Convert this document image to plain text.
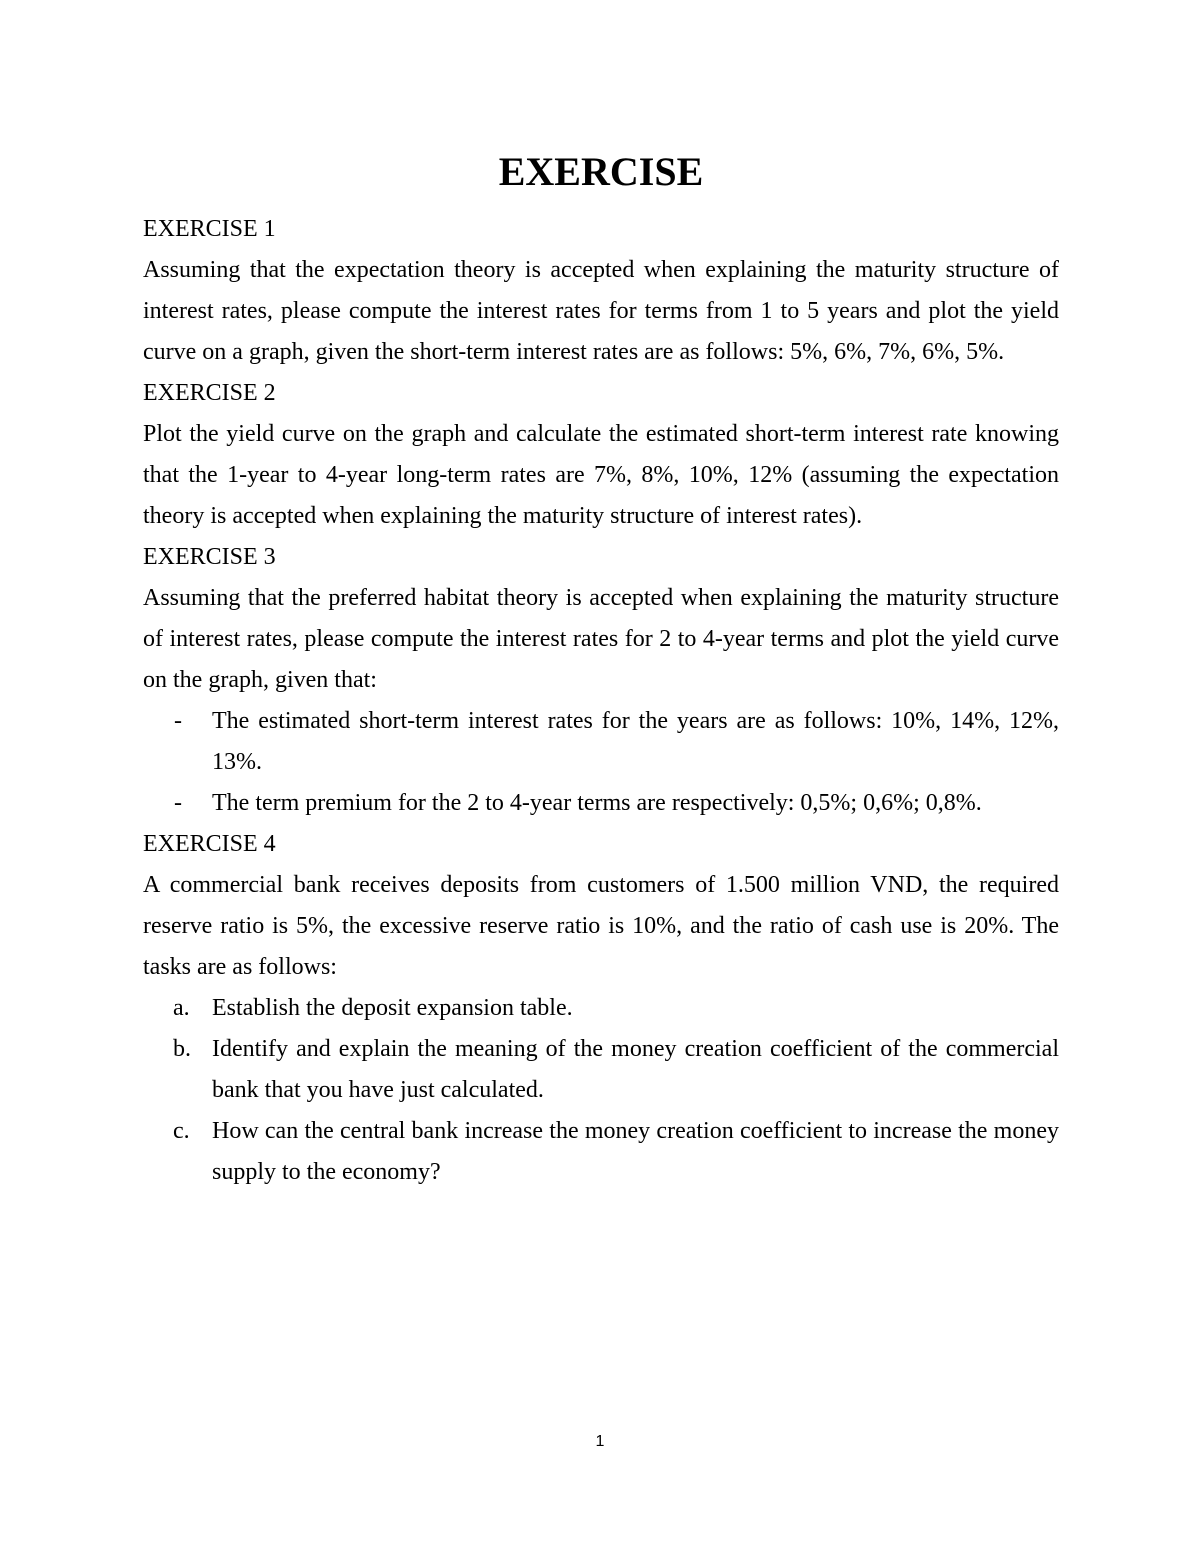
EXERCISE

EXERCISE 1

Assuming that the expectation theory is accepted when explaining the maturity structure of interest rates, please compute the interest rates for terms from 1 to 5 years and plot the yield curve on a graph, given the short-term interest rates are as follows: 5%, 6%, 7%, 6%, 5%.

EXERCISE 2

Plot the yield curve on the graph and calculate the estimated short-term interest rate knowing that the 1-year to 4-year long-term rates are 7%, 8%, 10%, 12% (assuming the expectation theory is accepted when explaining the maturity structure of interest rates).

EXERCISE 3

Assuming that the preferred habitat theory is accepted when explaining the maturity structure of interest rates, please compute the interest rates for 2 to 4-year terms and plot the yield curve on the graph, given that:

- The estimated short-term interest rates for the years are as follows: 10%, 14%, 12%, 13%.
- The term premium for the 2 to 4-year terms are respectively: 0,5%; 0,6%; 0,8%.

EXERCISE 4

A commercial bank receives deposits from customers of 1.500 million VND, the required reserve ratio is 5%, the excessive reserve ratio is 10%, and the ratio of cash use is 20%. The tasks are as follows:

a. Establish the deposit expansion table.
b. Identify and explain the meaning of the money creation coefficient of the commercial bank that you have just calculated.
c. How can the central bank increase the money creation coefficient to increase the money supply to the economy?
1
